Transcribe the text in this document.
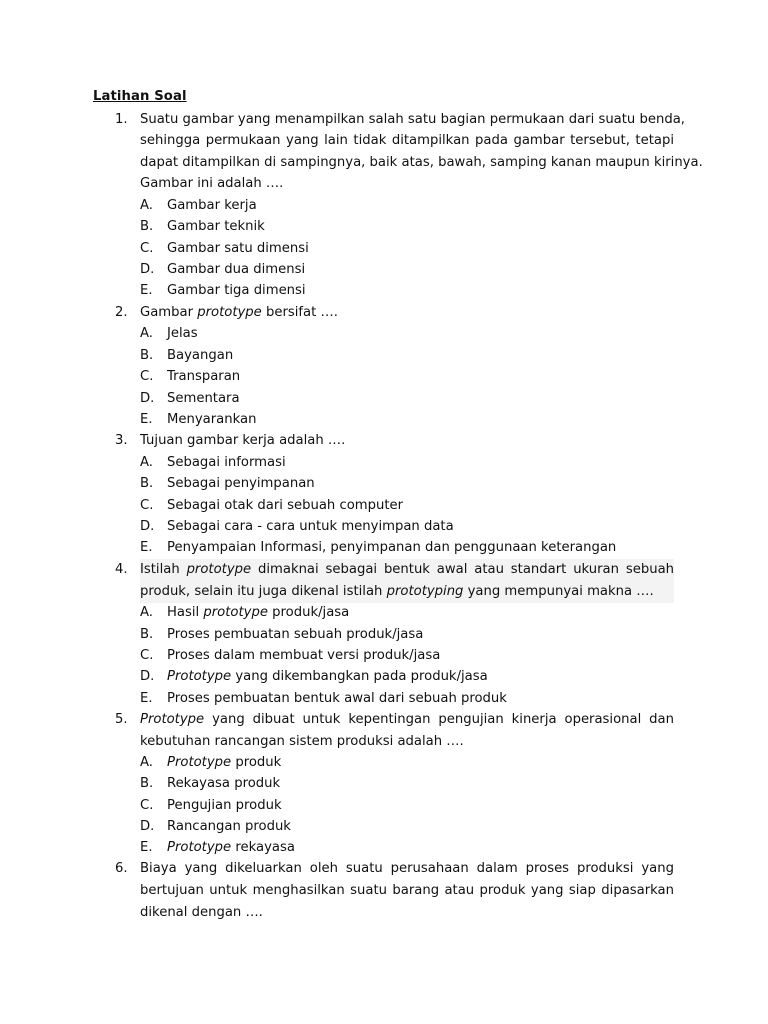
Latihan Soal
1. Suatu gambar yang menampilkan salah satu bagian permukaan dari suatu benda,
sehingga permukaan yang lain tidak ditampilkan pada gambar tersebut, tetapi
dapat ditampilkan di sampingnya, baik atas, bawah, samping kanan maupun kirinya.
Gambar ini adalah ….
A. Gambar kerja
B. Gambar teknik
C. Gambar satu dimensi
D. Gambar dua dimensi
E. Gambar tiga dimensi
2. Gambar prototype bersifat ….
A. Jelas
B. Bayangan
C. Transparan
D. Sementara
E. Menyarankan
3. Tujuan gambar kerja adalah ….
A. Sebagai informasi
B. Sebagai penyimpanan
C. Sebagai otak dari sebuah computer
D. Sebagai cara - cara untuk menyimpan data
E. Penyampaian Informasi, penyimpanan dan penggunaan keterangan
4. Istilah prototype dimaknai sebagai bentuk awal atau standart ukuran sebuah
produk, selain itu juga dikenal istilah prototyping yang mempunyai makna ….
A. Hasil prototype produk/jasa
B. Proses pembuatan sebuah produk/jasa
C. Proses dalam membuat versi produk/jasa
D. Prototype yang dikembangkan pada produk/jasa
E. Proses pembuatan bentuk awal dari sebuah produk
5. Prototype yang dibuat untuk kepentingan pengujian kinerja operasional dan
kebutuhan rancangan sistem produksi adalah ….
A. Prototype produk
B. Rekayasa produk
C. Pengujian produk
D. Rancangan produk
E. Prototype rekayasa
6. Biaya yang dikeluarkan oleh suatu perusahaan dalam proses produksi yang
bertujuan untuk menghasilkan suatu barang atau produk yang siap dipasarkan
dikenal dengan ….
